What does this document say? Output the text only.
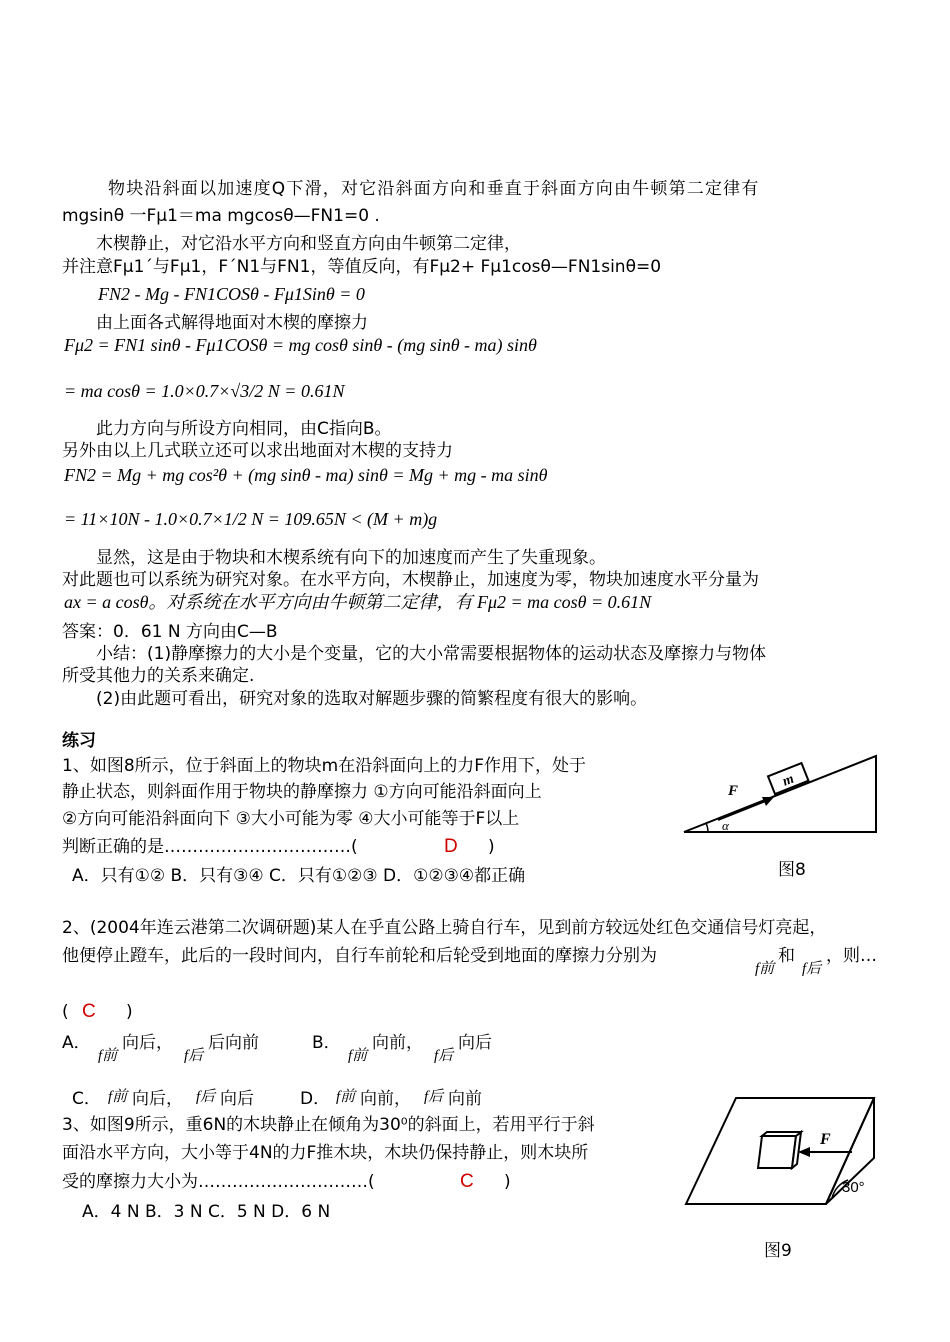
物块沿斜面以加速度Q下滑，对它沿斜面方向和垂直于斜面方向由牛顿第二定律有
mgsinθ 一Fμ1＝ma mgcosθ—FN1=0 .
木楔静止，对它沿水平方向和竖直方向由牛顿第二定律，
并注意Fμ1´与Fμ1，F´N1与FN1，等值反向，有Fμ2+ Fμ1cosθ—FN1sinθ=0
FN2 - Mg - FN1COSθ - Fμ1Sinθ = 0
由上面各式解得地面对木楔的摩擦力
Fμ2 = FN1 sinθ - Fμ1COSθ = mg cosθ sinθ - (mg sinθ - ma) sinθ
= ma cosθ = 1.0×0.7×√3/2 N = 0.61N
此力方向与所设方向相同，由C指向B。
另外由以上几式联立还可以求出地面对木楔的支持力
FN2 = Mg + mg cos²θ + (mg sinθ - ma) sinθ = Mg + mg - ma sinθ
= 11×10N - 1.0×0.7×1/2 N = 109.65N < (M + m)g
显然，这是由于物块和木楔系统有向下的加速度而产生了失重现象。
对此题也可以系统为研究对象。在水平方向，木楔静止，加速度为零，物块加速度水平分量为
ax = a cosθ。对系统在水平方向由牛顿第二定律，有 Fμ2 = ma cosθ = 0.61N
答案：0．61 N 方向由C—B
小结：(1)静摩擦力的大小是个变量，它的大小常需要根据物体的运动状态及摩擦力与物体
所受其他力的关系来确定.
(2)由此题可看出，研究对象的选取对解题步骤的简繁程度有很大的影响。
练习
1、如图8所示，位于斜面上的物块m在沿斜面向上的力F作用下，处于
静止状态，则斜面作用于物块的静摩擦力 ①方向可能沿斜面向上
②方向可能沿斜面向下 ③大小可能为零 ④大小可能等于F以上
判断正确的是……………………………(	D )
A．只有①② B．只有③④ C．只有①②③ D．①②③④都正确
m
F
α
图8
2、(2004年连云港第二次调研题)某人在乎直公路上骑自行车，见到前方较远处红色交通信号灯亮起，
他便停止蹬车，此后的一段时间内，自行车前轮和后轮受到地面的摩擦力分别为
f前
和
f后
，则…
( C )
A．
f前
向后，
f后
后向前	B．
f前
向前，
f后
向后
C． f前 向后， f后 向后	D． f前 向前， f后 向前
3、如图9所示，重6N的木块静止在倾角为30⁰的斜面上，若用平行于斜
面沿水平方向，大小等于4N的力F推木块，木块仍保持静止，则木块所
受的摩擦力大小为…………………………(	C )
A．4 N B．3 N C．5 N D．6 N
F
30°
图9
